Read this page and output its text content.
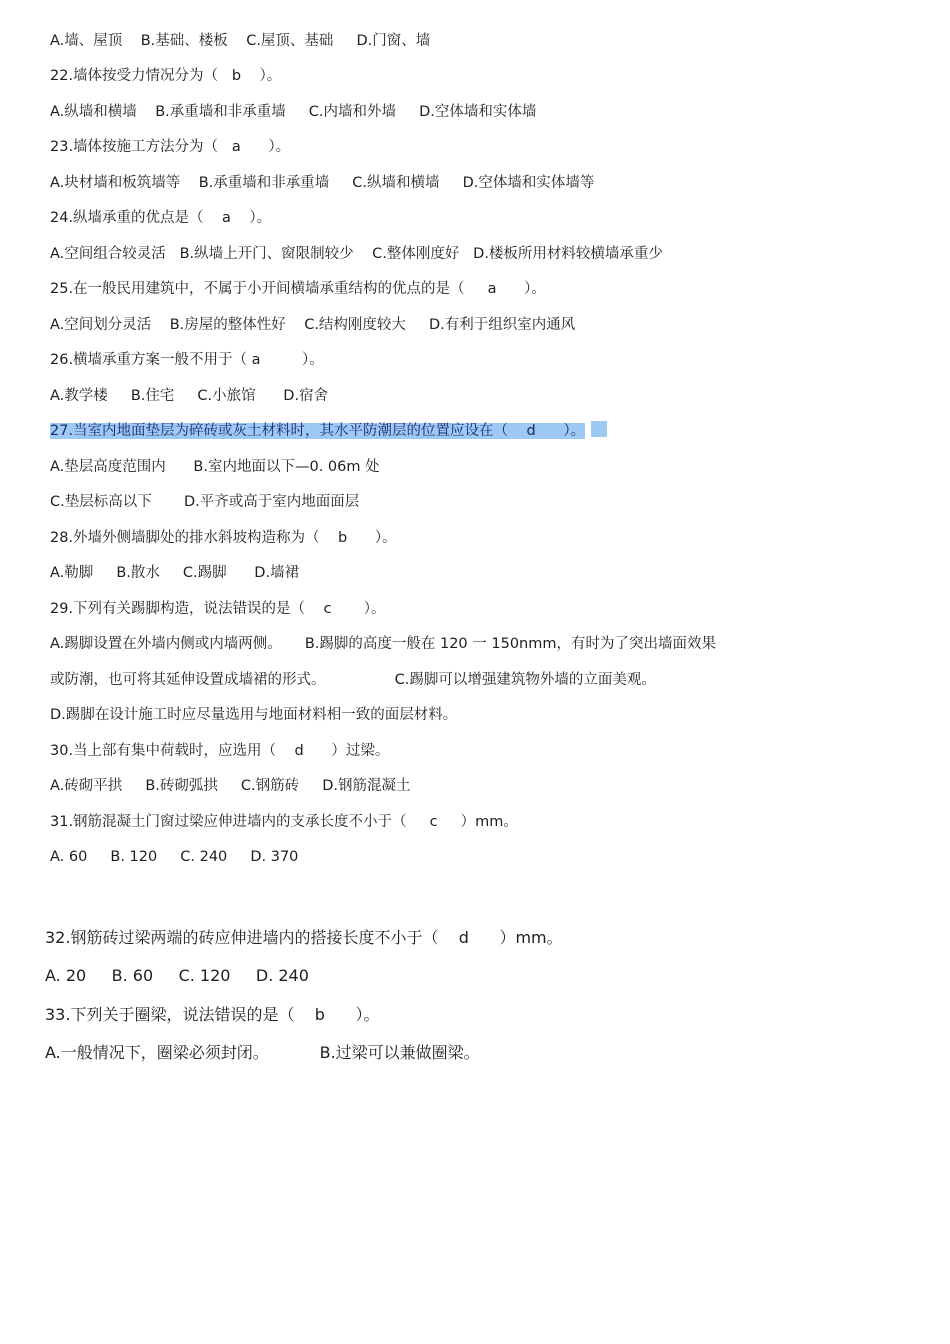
A.墙、屋顶    B.基础、楼板    C.屋顶、基础     D.门窗、墙
22.墙体按受力情况分为（   b    ）。
A.纵墙和横墙    B.承重墙和非承重墙     C.内墙和外墙     D.空体墙和实体墙
23.墙体按施工方法分为（   a      ）。
A.块材墙和板筑墙等    B.承重墙和非承重墙     C.纵墙和横墙     D.空体墙和实体墙等
24.纵墙承重的优点是（    a    ）。
A.空间组合较灵活   B.纵墙上开门、窗限制较少    C.整体刚度好   D.楼板所用材料较横墙承重少
25.在一般民用建筑中，不属于小开间横墙承重结构的优点的是（     a      ）。
A.空间划分灵活    B.房屋的整体性好    C.结构刚度较大     D.有利于组织室内通风
26.横墙承重方案一般不用于（ a         ）。
A.教学楼     B.住宅     C.小旅馆      D.宿舍
27.当室内地面垫层为碎砖或灰土材料时，其水平防潮层的位置应设在（    d      ）。
A.垫层高度范围内      B.室内地面以下—0. 06m 处
C.垫层标高以下       D.平齐或高于室内地面面层
28.外墙外侧墙脚处的排水斜坡构造称为（    b      ）。
A.勒脚     B.散水     C.踢脚      D.墙裙
29.下列有关踢脚构造，说法错误的是（    c       ）。
A.踢脚设置在外墙内侧或内墙两侧。     B.踢脚的高度一般在 120 一 150nmm，有时为了突出墙面效果
或防潮，也可将其延伸设置成墙裙的形式。               C.踢脚可以增强建筑物外墙的立面美观。
D.踢脚在设计施工时应尽量选用与地面材料相一致的面层材料。
30.当上部有集中荷载时，应选用（    d      ）过梁。
A.砖砌平拱     B.砖砌弧拱     C.钢筋砖     D.钢筋混凝土
31.钢筋混凝土门窗过梁应伸进墙内的支承长度不小于（     c     ）mm。
A. 60     B. 120     C. 240     D. 370
32.钢筋砖过梁两端的砖应伸进墙内的搭接长度不小于（    d      ）mm。
A. 20     B. 60     C. 120     D. 240
33.下列关于圈梁，说法错误的是（    b      ）。
A.一般情况下，圈梁必须封闭。          B.过梁可以兼做圈梁。
